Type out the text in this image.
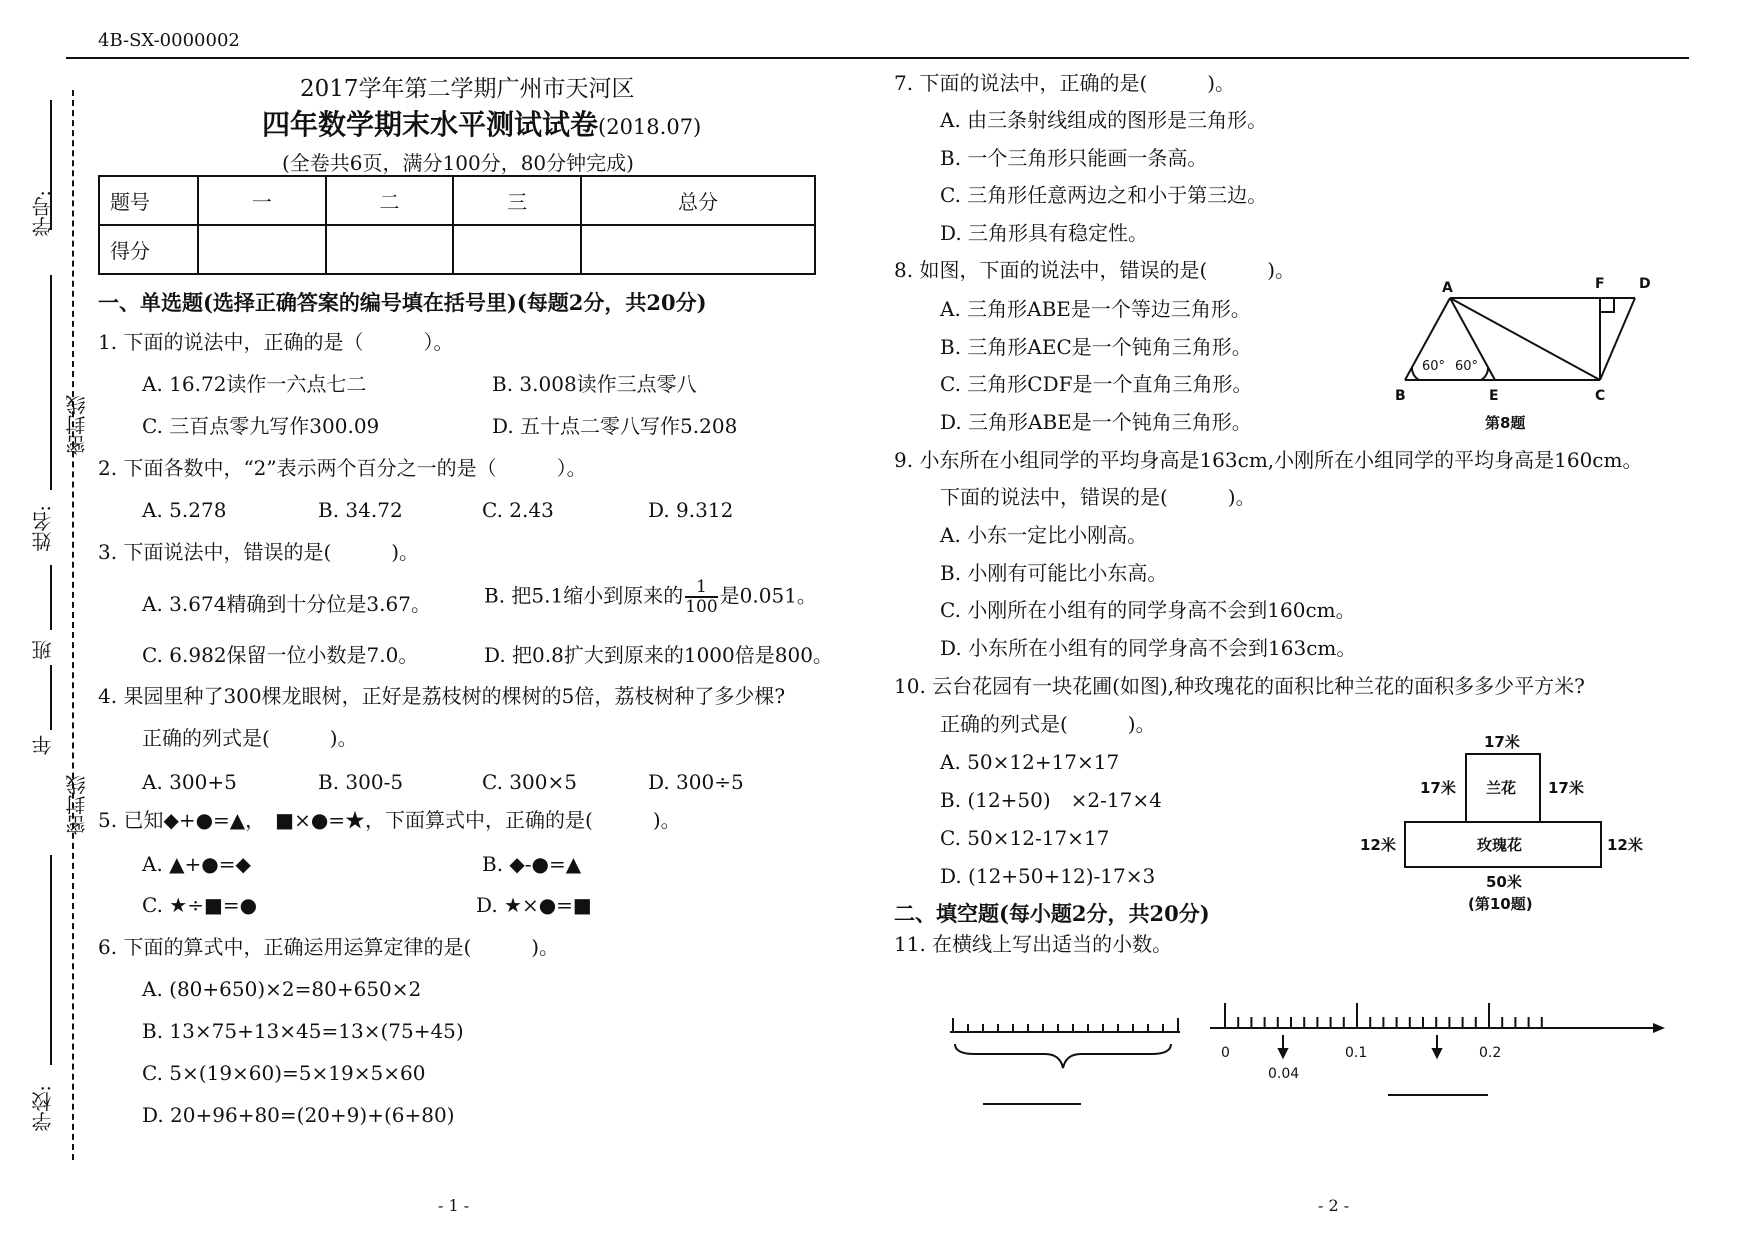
4B-SX-0000002
学号:
密封线
姓名:
班
年
密封线
学校:
2017学年第二学期广州市天河区
四年数学期末水平测试试卷(2018.07)
(全卷共6页，满分100分，80分钟完成)
题号	一	二	三	总分
得分				
一、单选题(选择正确答案的编号填在括号里)(每题2分，共20分)
1. 下面的说法中，正确的是（　　　）。
A. 16.72读作一六点七二	B. 3.008读作三点零八
C. 三百点零九写作300.09	D. 五十点二零八写作5.208
2. 下面各数中，“2”表示两个百分之一的是（　　　）。
A. 5.278	B. 34.72	C. 2.43	D. 9.312
3. 下面说法中，错误的是(　　　)。
A. 3.674精确到十分位是3.67。	B. 把5.1缩小到原来的 $\frac{1}{100}$ 是0.051。
C. 6.982保留一位小数是7.0。	D. 把0.8扩大到原来的1000倍是800。
4. 果园里种了300棵龙眼树，正好是荔枝树的棵树的5倍，荔枝树种了多少棵?
正确的列式是(　　　)。
A. 300+5	B. 300-5	C. 300×5	D. 300÷5
5. 已知◆+●=▲，　■×●=★，下面算式中，正确的是(　　　)。
A. ▲+●=◆	B. ◆-●=▲
C. ★÷■=●	D. ★×●=■
6. 下面的算式中，正确运用运算定律的是(　　　)。
A. (80+650)×2=80+650×2
B. 13×75+13×45=13×(75+45)
C. 5×(19×60)=5×19×5×60
D. 20+96+80=(20+9)+(6+80)
7. 下面的说法中，正确的是(　　　)。
A. 由三条射线组成的图形是三角形。
B. 一个三角形只能画一条高。
C. 三角形任意两边之和小于第三边。
D. 三角形具有稳定性。
8. 如图，下面的说法中，错误的是(　　　)。
A. 三角形ABE是一个等边三角形。
B. 三角形AEC是一个钝角三角形。
C. 三角形CDF是一个直角三角形。
D. 三角形ABE是一个钝角三角形。
A
B	C
D
E
F
60° 60°
第8题
9. 小东所在小组同学的平均身高是163cm,小刚所在小组同学的平均身高是160cm。
下面的说法中，错误的是(　　　)。
A. 小东一定比小刚高。
B. 小刚有可能比小东高。
C. 小刚所在小组有的同学身高不会到160cm。
D. 小东所在小组有的同学身高不会到163cm。
10. 云台花园有一块花圃(如图),种玫瑰花的面积比种兰花的面积多多少平方米?
正确的列式是(　　　)。
A. 50×12+17×17
B. (12+50)　×2-17×4
C. 50×12-17×17
D. (12+50+12)-17×3
17米
17米	17米
兰花
玫瑰花
12米	12米
50米
(第10题)
二、填空题(每小题2分，共20分)
11. 在横线上写出适当的小数。
0	0.1	0.2
0.04
- 1 -	- 2 -
